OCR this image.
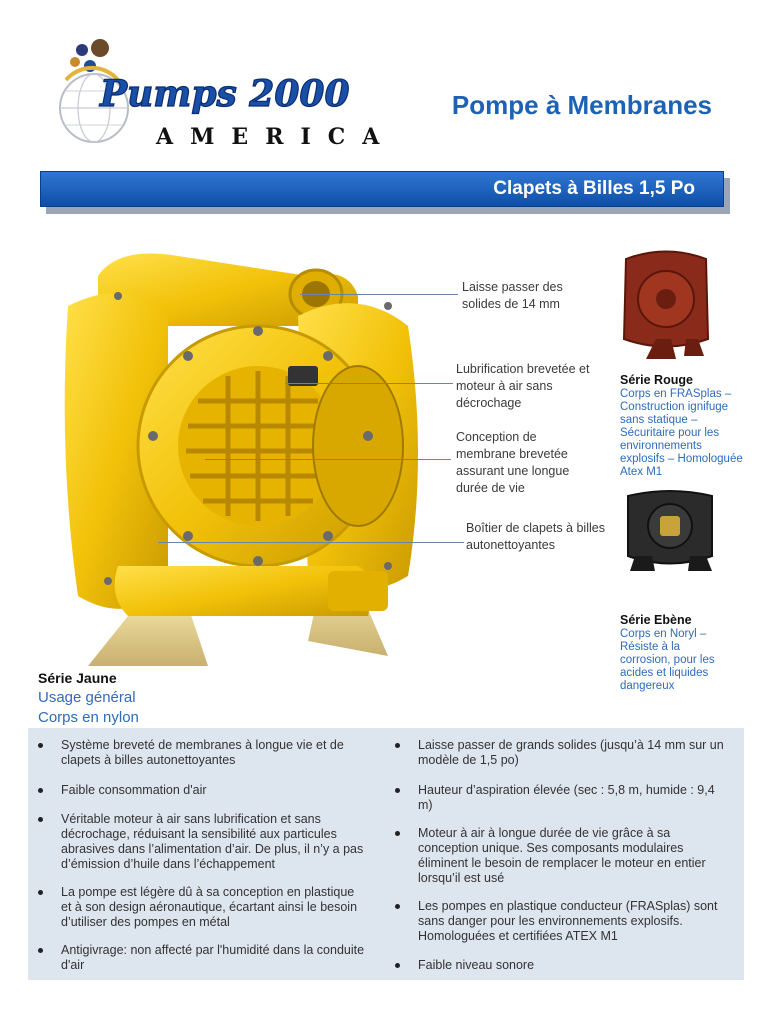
Pumps 2000
AMERICA
Pompe à Membranes
Clapets à Billes 1,5 Po
Laisse passer des
solides de 14 mm
Lubrification brevetée et
moteur à air sans
décrochage
Conception de
membrane brevetée
assurant une longue
durée de vie
Boîtier de clapets à billes
autonettoyantes
Série Rouge
Corps en FRASplas –
Construction ignifuge
sans statique –
Sécuritaire pour les
environnements
explosifs – Homologuée
Atex M1
Série Ebène
Corps en Noryl –
Résiste à la
corrosion, pour les
acides et liquides
dangereux
Série Jaune
Usage général
Corps en nylon
Système breveté de membranes à longue vie et de
clapets à billes autonettoyantes
Faible consommation d'air
Véritable moteur à air sans lubrification et sans
décrochage, réduisant la sensibilité aux particules
abrasives dans l’alimentation d’air. De plus, il n’y a pas
d’émission d’huile dans l’échappement
La pompe est légère dû à sa conception en plastique
et à son design aéronautique, écartant ainsi le besoin
d’utiliser des pompes en métal
Antigivrage: non affecté par l'humidité dans la conduite
d'air
Laisse passer de grands solides (jusqu’à 14 mm sur un
modèle de 1,5 po)
Hauteur d’aspiration élevée (sec : 5,8 m, humide : 9,4
m)
Moteur à air à longue durée de vie grâce à sa
conception unique. Ses composants modulaires
éliminent le besoin de remplacer le moteur en entier
lorsqu’il est usé
Les pompes en plastique conducteur (FRASplas) sont
sans danger pour les environnements explosifs.
Homologuées et certifiées ATEX M1
Faible niveau sonore
